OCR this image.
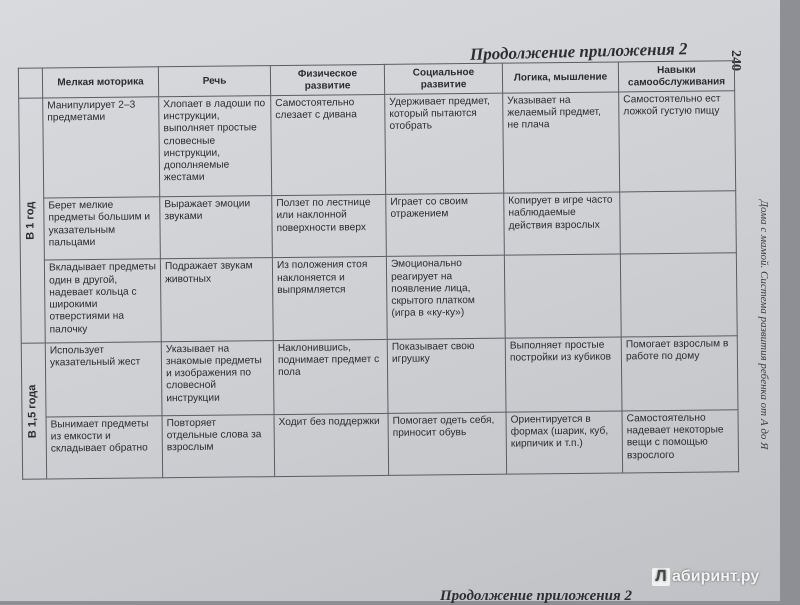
Продолжение приложения 2	240
Дома с мамой. Система развития ребенка от А до Я
	Мелкая моторика	Речь	Физическое развитие	Социальное развитие	Логика, мышление	Навыки самообслуживания

В 1 год	Манипулирует 2–3 предметами	Хлопает в ладоши по инструкции, выполняет простые словесные инструкции, дополняемые жестами	Самостоятельно слезает с дивана	Удерживает предмет, который пытаются отобрать	Указывает на желаемый предмет, не плача	Самостоятельно ест ложкой густую пищу
	Берет мелкие предметы большим и указательным пальцами	Выражает эмоции звуками	Ползет по лестнице или наклонной поверхности вверх	Играет со своим отражением	Копирует в игре часто наблюдаемые действия взрослых	
	Вкладывает предметы один в другой, надевает кольца с широкими отверстиями на палочку	Подражает звукам животных	Из положения стоя наклоняется и выпрямляется	Эмоционально реагирует на появление лица, скрытого платком (игра в «ку-ку»)		

В 1,5 года	Использует указательный жест	Указывает на знакомые предметы и изображения по словесной инструкции	Наклонившись, поднимает предмет с пола	Показывает свою игрушку	Выполняет простые постройки из кубиков	Помогает взрослым в работе по дому
	Вынимает предметы из емкости и складывает обратно	Повторяет отдельные слова за взрослым	Ходит без поддержки	Помогает одеть себя, приносит обувь	Ориентируется в формах (шарик, куб, кирпичик и т.п.)	Самостоятельно надевает некоторые вещи с помощью взрослого
Л абиринт.ру
Продолжение приложения 2
